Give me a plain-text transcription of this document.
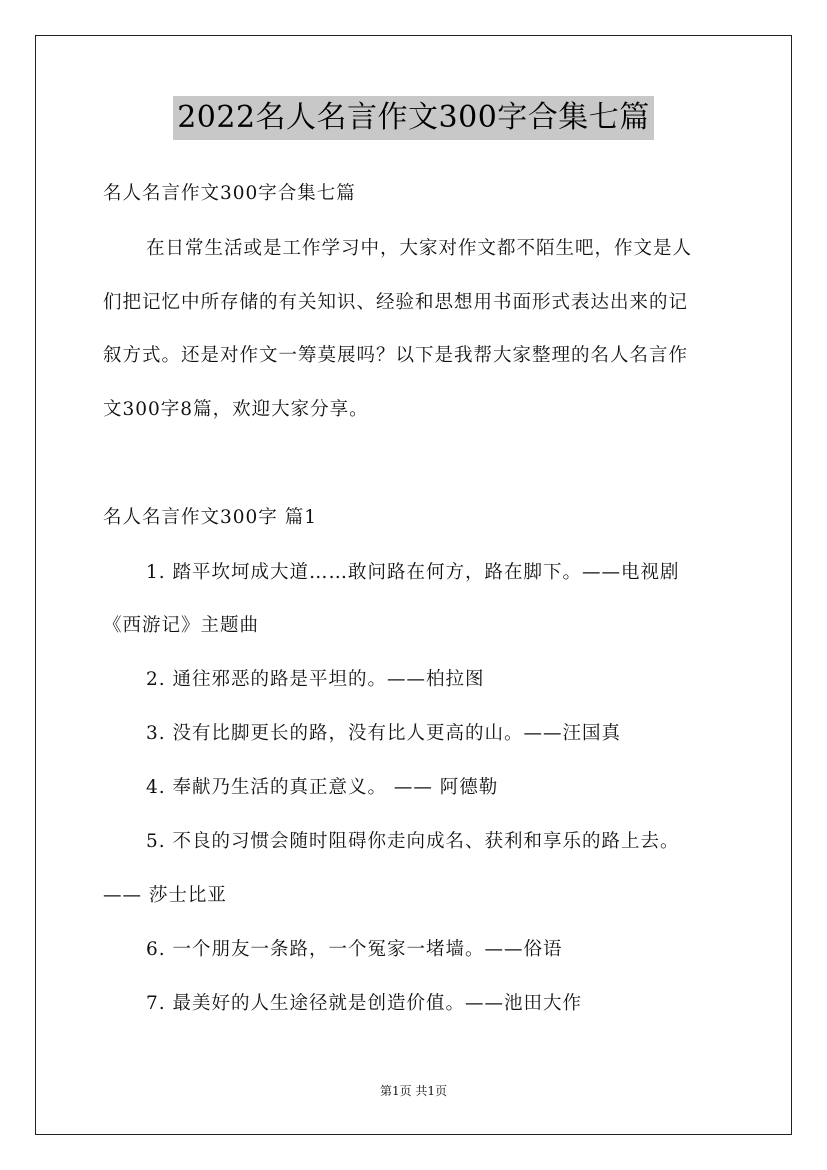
2022名人名言作文300字合集七篇
名人名言作文300字合集七篇
在日常生活或是工作学习中，大家对作文都不陌生吧，作文是人
们把记忆中所存储的有关知识、经验和思想用书面形式表达出来的记
叙方式。还是对作文一筹莫展吗？以下是我帮大家整理的名人名言作
文300字8篇，欢迎大家分享。
名人名言作文300字 篇1
1. 踏平坎坷成大道……敢问路在何方，路在脚下。——电视剧
《西游记》主题曲
2. 通往邪恶的路是平坦的。——柏拉图
3. 没有比脚更长的路，没有比人更高的山。——汪国真
4. 奉献乃生活的真正意义。 —— 阿德勒
5. 不良的习惯会随时阻碍你走向成名、获利和享乐的路上去。
—— 莎士比亚
6. 一个朋友一条路，一个冤家一堵墙。——俗语
7. 最美好的人生途径就是创造价值。——池田大作
第1页 共1页
